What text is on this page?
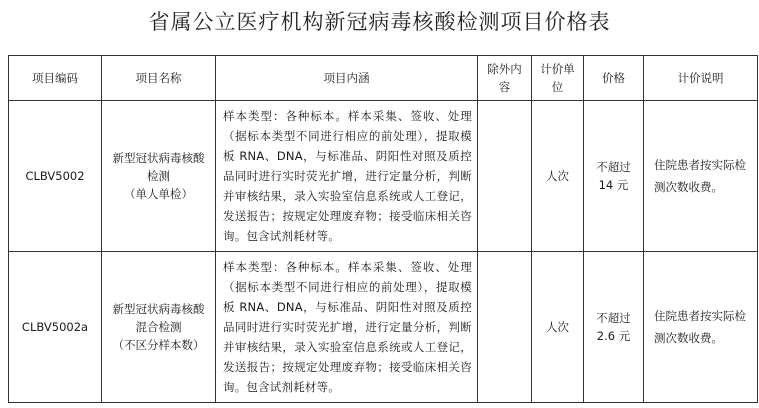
省属公立医疗机构新冠病毒核酸检测项目价格表
项目编码	项目名称	项目内涵	除外内容	计价单位	价格	计价说明
CLBV5002	新型冠状病毒核酸
检测
（单人单检）	样本类型：各种标本。样本采集、签收、处理（据标本类型不同进行相应的前处理），提取模板 RNA、DNA，与标准品、阴阳性对照及质控品同时进行实时荧光扩增，进行定量分析，判断并审核结果，录入实验室信息系统或人工登记，发送报告；按规定处理废弃物；接受临床相关咨询。包含试剂耗材等。		人次	不超过
14 元	住院患者按实际检测次数收费。
CLBV5002a	新型冠状病毒核酸
混合检测
（不区分样本数）	样本类型：各种标本。样本采集、签收、处理（据标本类型不同进行相应的前处理），提取模板 RNA、DNA，与标准品、阴阳性对照及质控品同时进行实时荧光扩增，进行定量分析，判断并审核结果，录入实验室信息系统或人工登记，发送报告；按规定处理废弃物；接受临床相关咨询。包含试剂耗材等。		人次	不超过
2.6 元	住院患者按实际检测次数收费。
